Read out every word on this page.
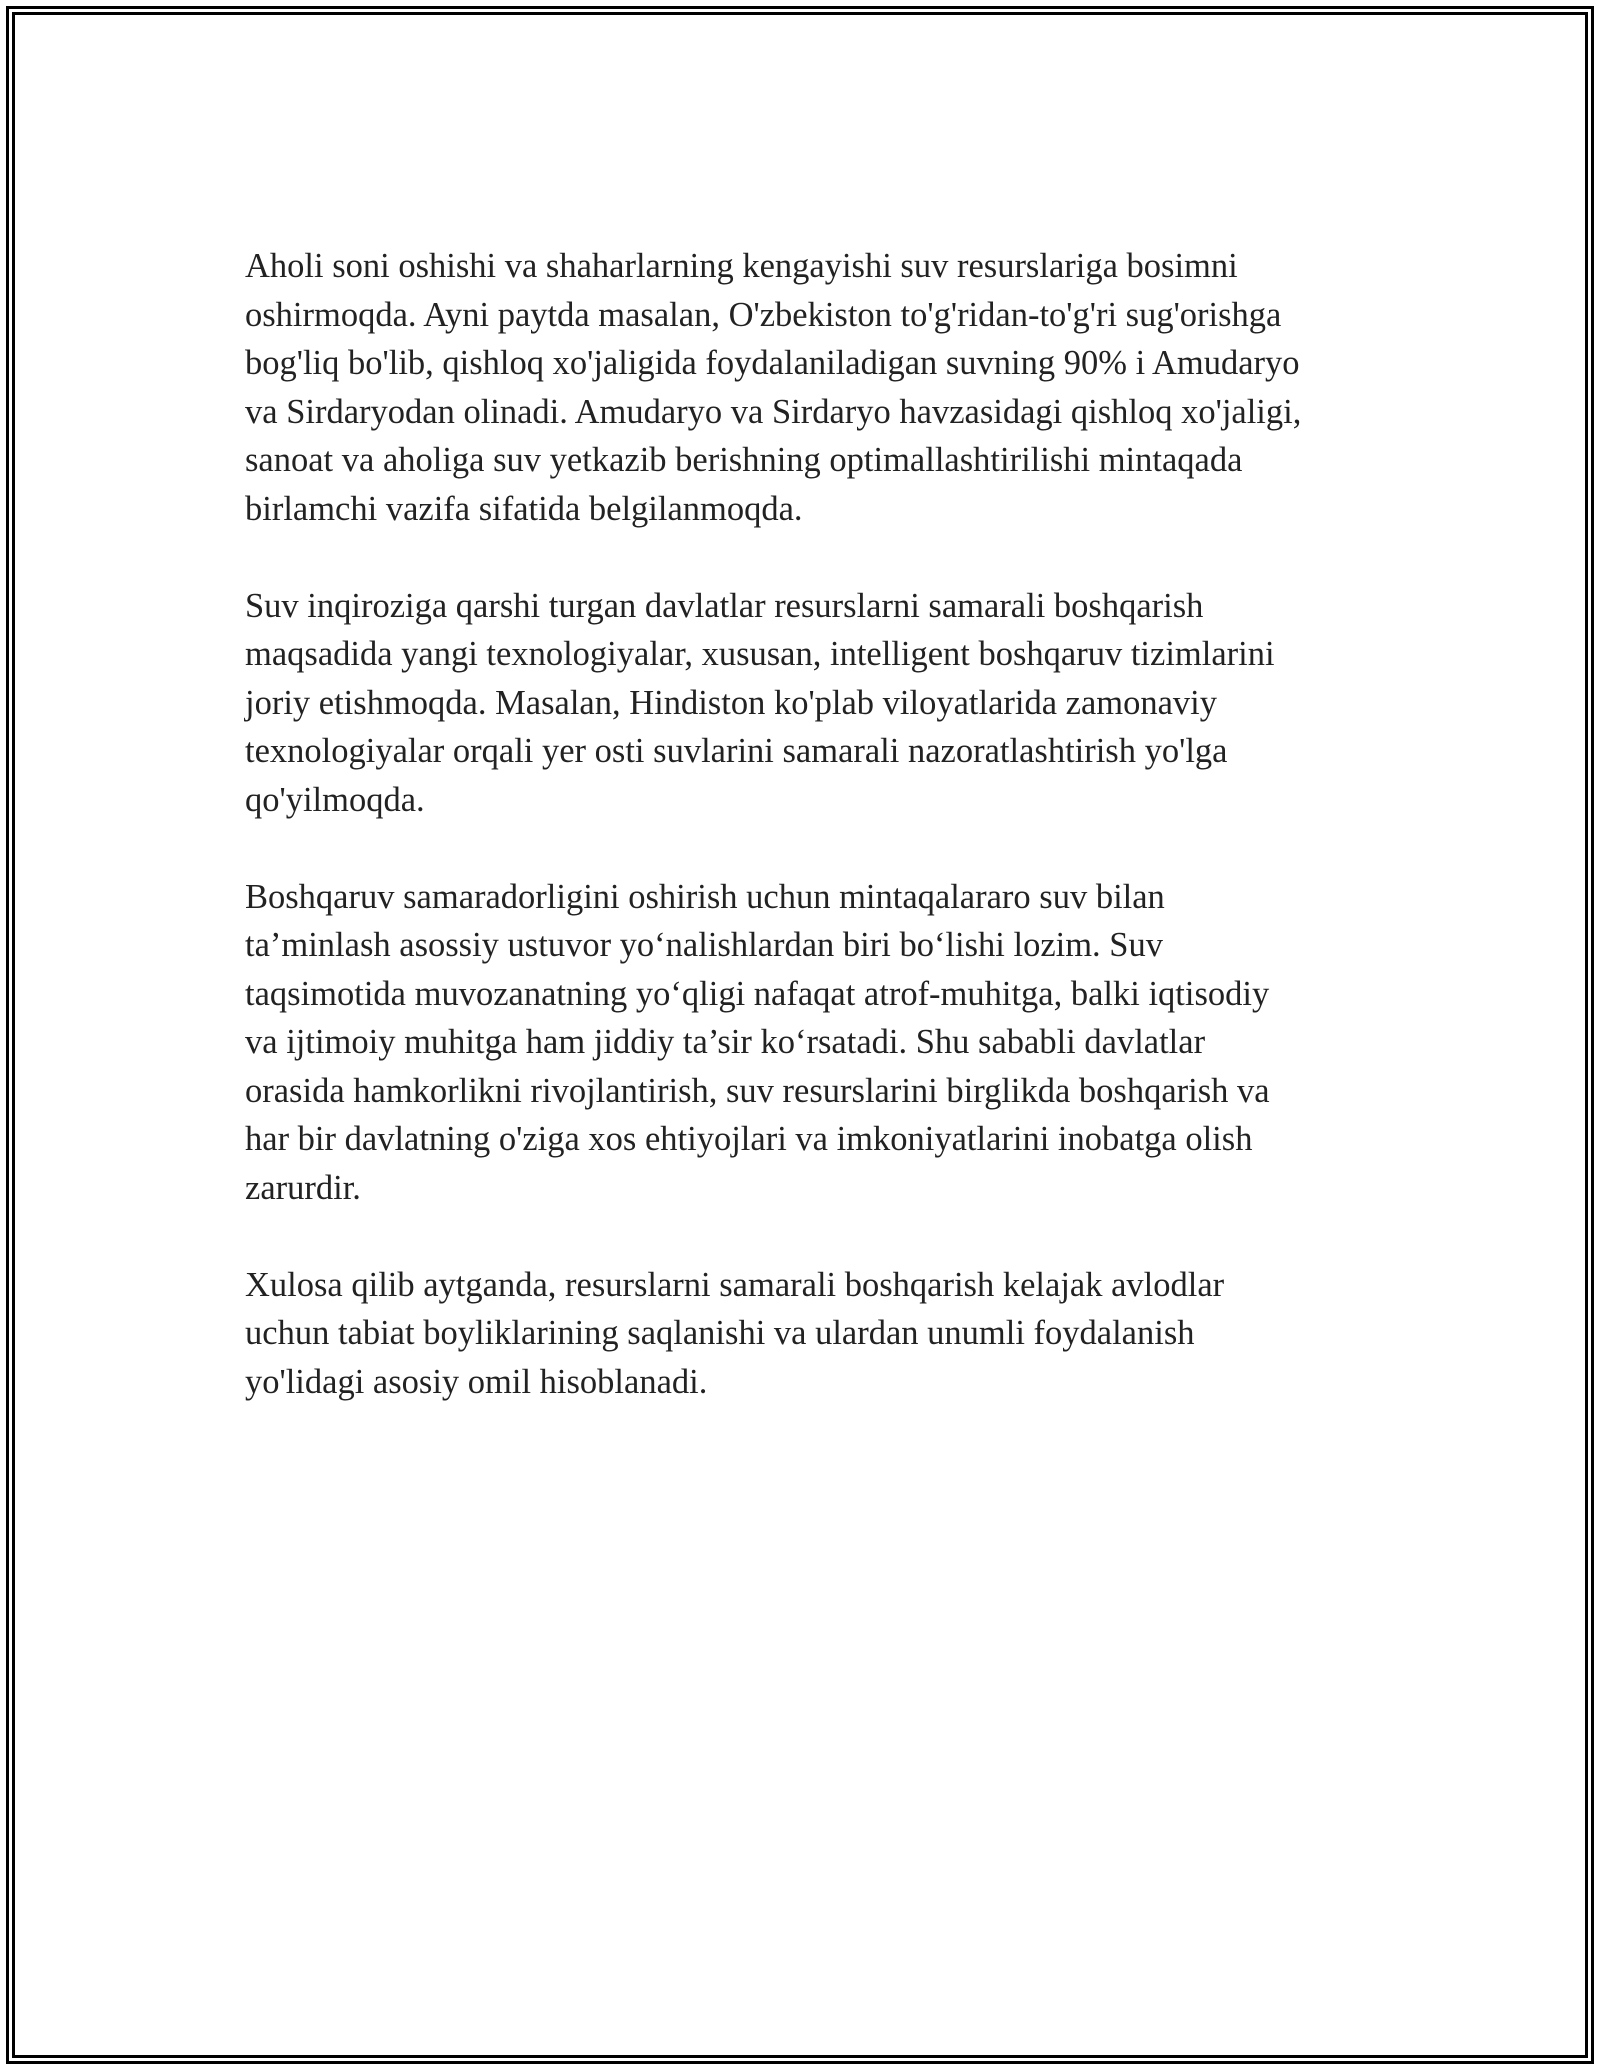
Aholi soni oshishi va shaharlarning kengayishi suv resurslariga bosimni
oshirmoqda. Ayni paytda masalan, O'zbekiston to'g'ridan-to'g'ri sug'orishga
bog'liq bo'lib, qishloq xo'jaligida foydalaniladigan suvning 90% i Amudaryo
va Sirdaryodan olinadi. Amudaryo va Sirdaryo havzasidagi qishloq xo'jaligi,
sanoat va aholiga suv yetkazib berishning optimallashtirilishi mintaqada
birlamchi vazifa sifatida belgilanmoqda.

Suv inqiroziga qarshi turgan davlatlar resurslarni samarali boshqarish
maqsadida yangi texnologiyalar, xususan, intelligent boshqaruv tizimlarini
joriy etishmoqda. Masalan, Hindiston ko'plab viloyatlarida zamonaviy
texnologiyalar orqali yer osti suvlarini samarali nazoratlashtirish yo'lga
qo'yilmoqda.

Boshqaruv samaradorligini oshirish uchun mintaqalararo suv bilan
ta’minlash asossiy ustuvor yo‘nalishlardan biri bo‘lishi lozim. Suv
taqsimotida muvozanatning yo‘qligi nafaqat atrof-muhitga, balki iqtisodiy
va ijtimoiy muhitga ham jiddiy ta’sir ko‘rsatadi. Shu sababli davlatlar
orasida hamkorlikni rivojlantirish, suv resurslarini birglikda boshqarish va
har bir davlatning o'ziga xos ehtiyojlari va imkoniyatlarini inobatga olish
zarurdir.

Xulosa qilib aytganda, resurslarni samarali boshqarish kelajak avlodlar
uchun tabiat boyliklarining saqlanishi va ulardan unumli foydalanish
yo'lidagi asosiy omil hisoblanadi.
